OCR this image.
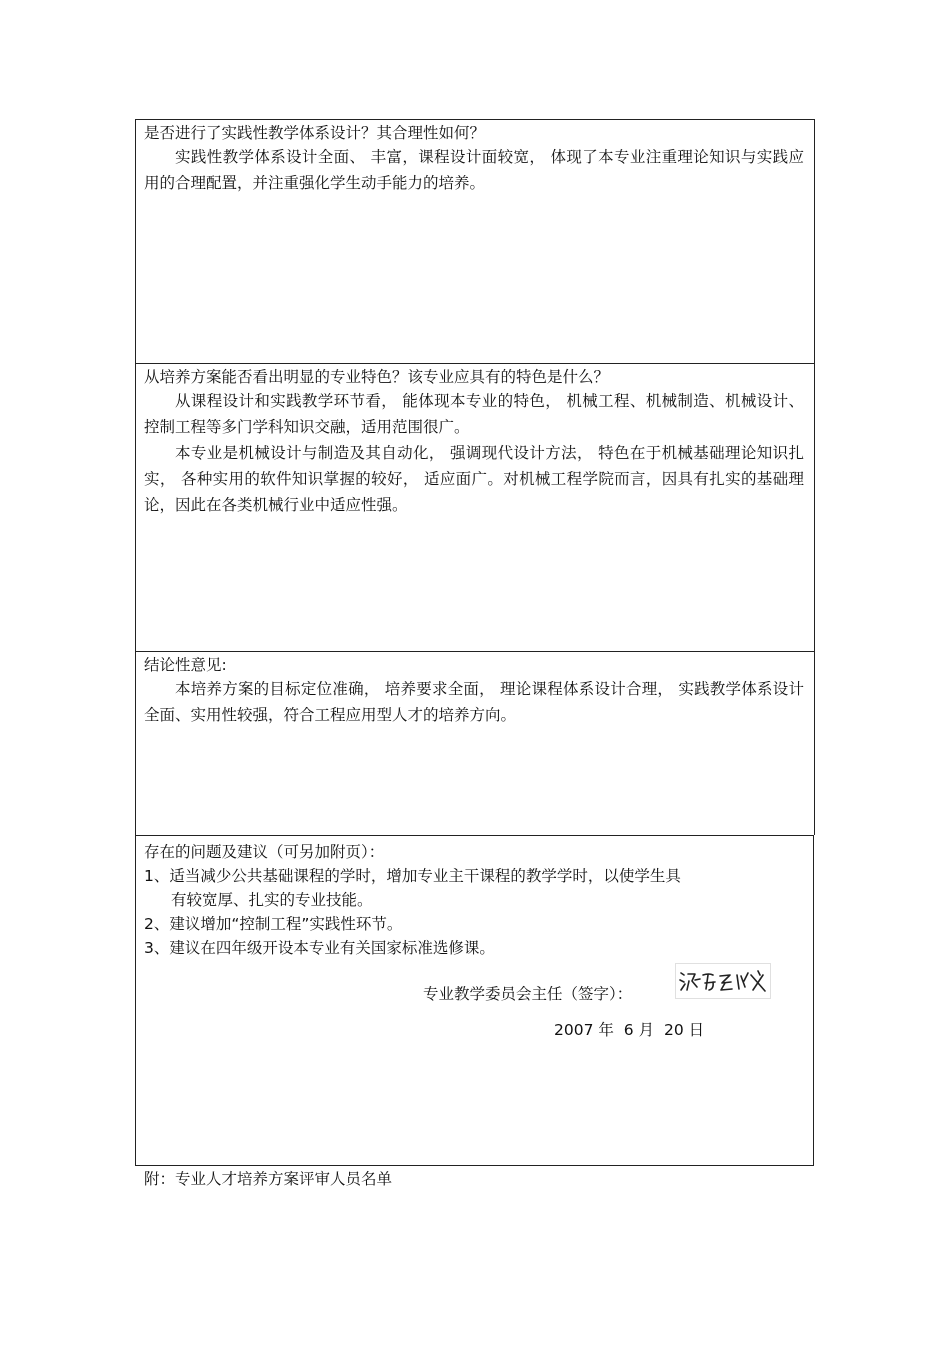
是否进行了实践性教学体系设计？其合理性如何？

实践性教学体系设计全面、 丰富，课程设计面较宽， 体现了本专业注重理论知识与实践应用的合理配置，并注重强化学生动手能力的培养。

从培养方案能否看出明显的专业特色？该专业应具有的特色是什么？

从课程设计和实践教学环节看， 能体现本专业的特色， 机械工程、机械制造、机械设计、控制工程等多门学科知识交融，适用范围很广。

本专业是机械设计与制造及其自动化， 强调现代设计方法， 特色在于机械基础理论知识扎实， 各种实用的软件知识掌握的较好， 适应面广。对机械工程学院而言，因具有扎实的基础理论，因此在各类机械行业中适应性强。

结论性意见:

本培养方案的目标定位准确， 培养要求全面， 理论课程体系设计合理， 实践教学体系设计全面、实用性较强，符合工程应用型人才的培养方向。

存在的问题及建议（可另加附页）：

1、适当减少公共基础课程的学时，增加专业主干课程的教学学时，以使学生具

有较宽厚、扎实的专业技能。

2、建议增加“控制工程”实践性环节。

3、建议在四年级开设本专业有关国家标准选修课。

专业教学委员会主任（签字）：
2007 年 6 月 20 日
附：专业人才培养方案评审人员名单
